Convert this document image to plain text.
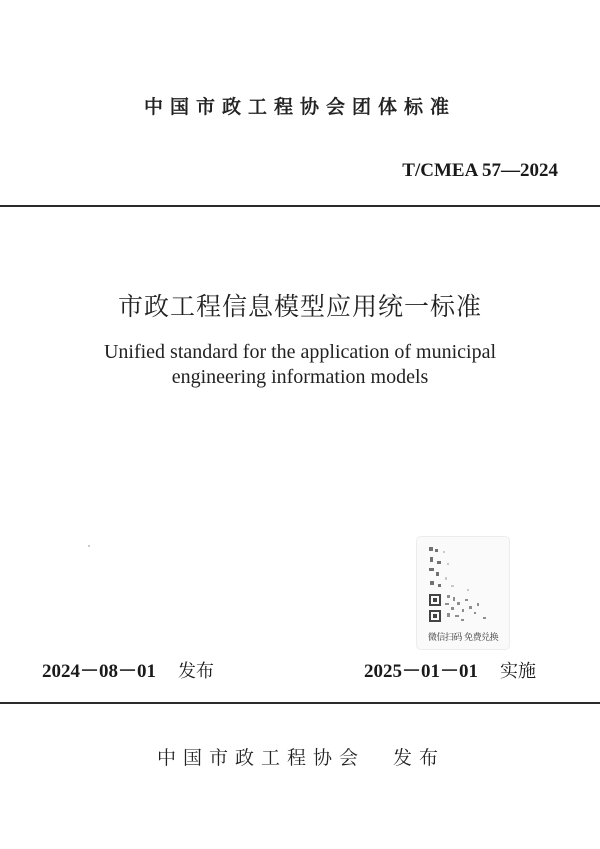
中国市政工程协会团体标准
T/CMEA 57—2024
市政工程信息模型应用统一标准
Unified standard for the application of municipal
engineering information models
微信扫码 免费兑换
2024－08－01 发布	2025－01－01 实施
中国市政工程协会 发布
